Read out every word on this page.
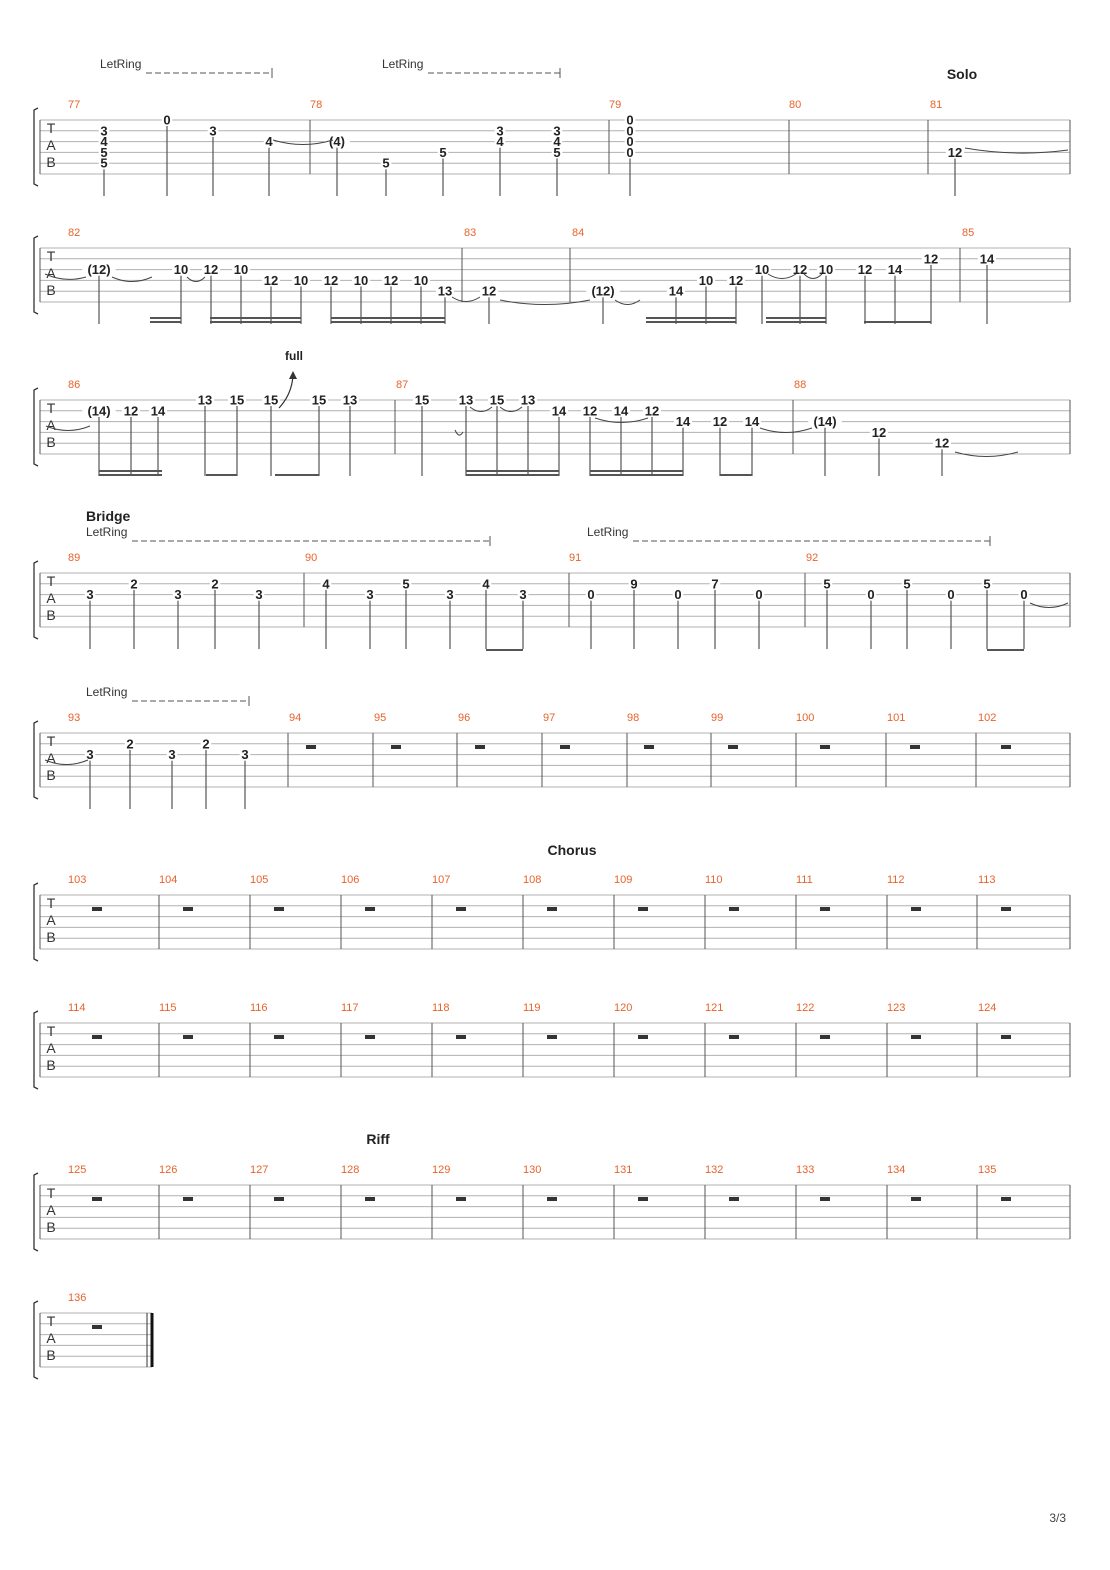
T
A
B
77	78	79	80	81
Solo
LetRing	LetRing
3
4
5
5
0
3
4	(4)
5
5
3
4
3
4
5
0
0
0
0	12
T
A
B
82	83	84	85
(12)	10 12 10
12 10 12 10 12 10
13 12	(12)	14
10 12
10 12 10 12 14
12	14
T
A
B
86	87	88
(14) 12 14
13 15 15	15 13	15 13 15 13
14 12 14 12
14 12 14	(14)
12
12
T
A
B
89	90	91	92
Bridge
LetRing	LetRing
3
2
3
2
3
4
3
5
3
4
3	0
9
0
7
0
5
0
5
0
5
0
T
A
B
93	94	95	96	97	98	99	100	101	102
LetRing
3
2
3
2
3
T
A
B
103	104	105	106	107	108	109	110	111	112	113
Chorus
T
A
B
114	115	116	117	118	119	120	121	122	123	124
T
A
B
125	126	127	128	129	130	131	132	133	134	135
Riff
T
A
B
136
full
3/3
